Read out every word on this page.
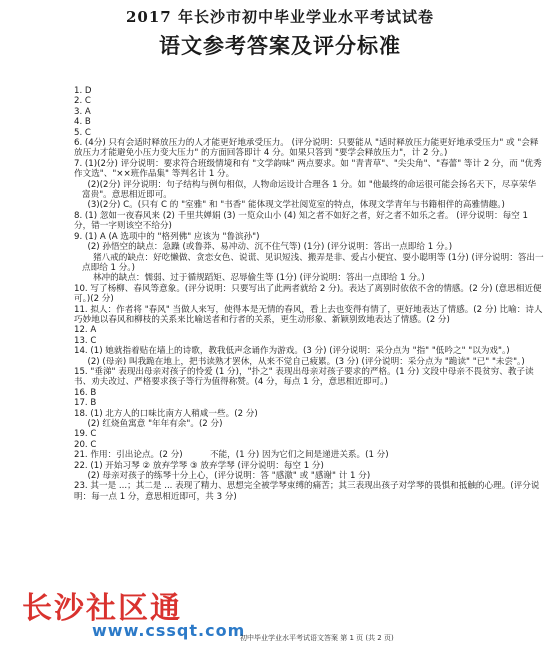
2017 年长沙市初中毕业学业水平考试试卷
语文参考答案及评分标准

1. D

2. C

3. A

4. B

5. C

6. (4分) 只有会适时释放压力的人才能更好地承受压力。 (评分说明：只要能从 "适时释放压力能更好地承受压力" 或 "会释放压力才能避免小压力变大压力" 的方面回答即计 4 分。如果只答到 "要学会释放压力"，计 2 分。)

7. (1)(2分) 评分说明：要求符合班级情境和有 "文学韵味" 两点要求。如 "青青草"、"尖尖角"、"春蕾" 等计 2 分，而 "优秀作文选"、"××班作品集" 等判名计 1 分。

(2)(2分) 评分说明：句子结构与例句相似，人物命运设计合理各 1 分。如 "他最终的命运很可能会扬名天下，尽享荣华富贵"。意思相近即可。

(3)(2分) C。(只有 C 的 "室雅" 和 "书香" 能体现文学社阅览室的特点，体现文学青年与书籍相伴的高雅情趣。)

8. (1) 忽如一夜春风来 (2) 千里共婵娟 (3) 一览众山小 (4) 知之者不如好之者，好之者不如乐之者。 (评分说明：每空 1 分，错一字则该空不给分)

9. (1) A (A 选项中的 "格列佛" 应该为 "鲁滨孙")

(2) 孙悟空的缺点：急躁 (或鲁莽、易冲动、沉不住气等) (1分) (评分说明：答出一点即给 1 分。)

猪八戒的缺点：好吃懒做、贪恋女色、说谎、见识短浅、搬弄是非、爱占小便宜、耍小聪明等 (1分) (评分说明：答出一点即给 1 分。)

林冲的缺点：懦弱、过于循规蹈矩、忍辱偷生等 (1分) (评分说明：答出一点即给 1 分。)

10. 写了杨柳、春风等意象。(评分说明：只要写出了此两者就给 2 分)。表达了离别时依依不舍的情感。(2 分) (意思相近便可。)(2 分)

11. 拟人：作者将 "春风" 当做人来写，使得本是无情的春风，看上去也变得有情了，更好地表达了情感。(2 分) 比喻：诗人巧妙地以春风和柳枝的关系来比喻送者和行者的关系，更生动形象、新颖别致地表达了情感。(2 分)

12. A

13. C

14. (1) 她就指着贴在墙上的诗歌，教我低声念诵作为游戏。(3 分) (评分说明：采分点为 "指" "低吟之" "以为戏"。)

(2) (母亲) 叫我跪在地上，把书读熟才罢休，从来不觉自己疲累。(3 分) (评分说明：采分点为 "跪读" "已" "未尝"。)

15. "垂涕" 表现出母亲对孩子的怜爱 (1 分)，"扑之" 表现出母亲对孩子要求的严格。(1 分) 文段中母亲不畏贫穷、教子读书、劝夫改过、严格要求孩子等行为值得称赞。(4 分，每点 1 分，意思相近即可。)

16. B

17. B

18. (1) 北方人的口味比南方人稍咸一些。(2 分)

(2) 红烧鱼寓意 "年年有余"。(2 分)

19. C

20. C

21. 作用：引出论点。(2 分)          不能，(1 分) 因为它们之间是递进关系。(1 分)

22. (1) 开始习琴 ② 放弃学琴 ③ 放弃学琴 (评分说明：每空 1 分)

(2) 母亲对孩子的练琴十分上心，(评分说明：答 "感激" 或 "感谢" 计 1 分)

23. 其一是 ...；其二是 ... 表现了精力、思想完全被学琴束缚的痛苦；其三表现出孩子对学琴的畏惧和抵触的心理。(评分说明：每一点 1 分，意思相近即可，共 3 分)

长沙社区通
www.cssqt.com
初中毕业学业水平考试语文答案 第 1 页 (共 2 页)
